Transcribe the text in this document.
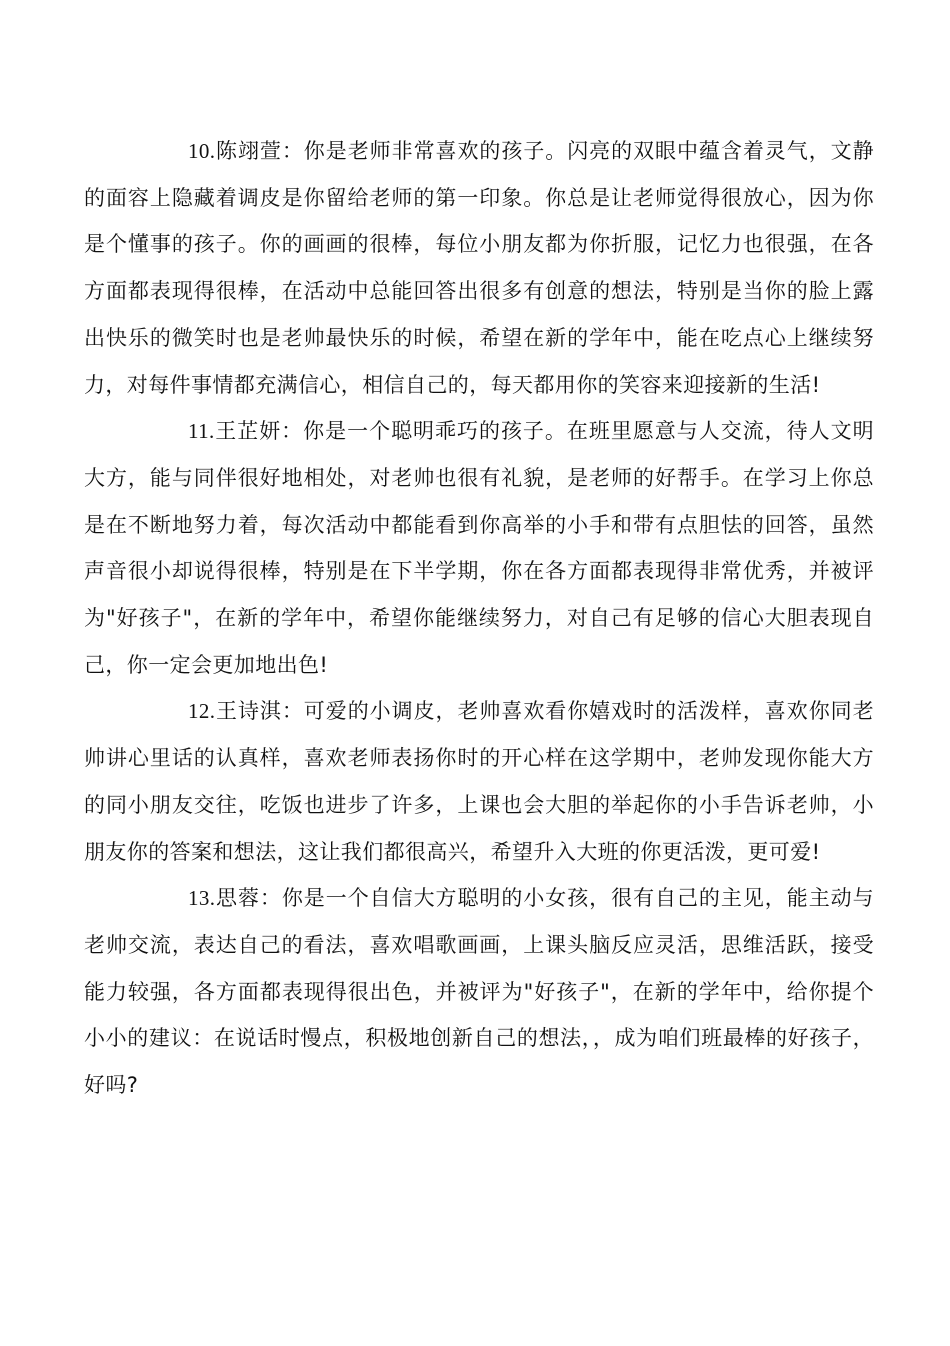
10.陈翊萱：你是老师非常喜欢的孩子。闪亮的双眼中蕴含着灵气，文静的面容上隐藏着调皮是你留给老师的第一印象。你总是让老师觉得很放心，因为你是个懂事的孩子。你的画画的很棒，每位小朋友都为你折服，记忆力也很强，在各方面都表现得很棒，在活动中总能回答出很多有创意的想法，特别是当你的脸上露出快乐的微笑时也是老帅最快乐的时候，希望在新的学年中，能在吃点心上继续努力，对每件事情都充满信心，相信自己的，每天都用你的笑容来迎接新的生活!

11.王芷妍：你是一个聪明乖巧的孩子。在班里愿意与人交流，待人文明大方，能与同伴很好地相处，对老帅也很有礼貌，是老师的好帮手。在学习上你总是在不断地努力着，每次活动中都能看到你高举的小手和带有点胆怯的回答，虽然声音很小却说得很棒，特别是在下半学期，你在各方面都表现得非常优秀，并被评为"好孩子"，在新的学年中，希望你能继续努力，对自己有足够的信心大胆表现自己，你一定会更加地出色!

12.王诗淇：可爱的小调皮，老帅喜欢看你嬉戏时的活泼样，喜欢你同老帅讲心里话的认真样，喜欢老师表扬你时的开心样在这学期中，老帅发现你能大方的同小朋友交往，吃饭也进步了许多，上课也会大胆的举起你的小手告诉老帅，小朋友你的答案和想法，这让我们都很高兴，希望升入大班的你更活泼，更可爱!

13.思蓉：你是一个自信大方聪明的小女孩，很有自己的主见，能主动与老帅交流，表达自己的看法，喜欢唱歌画画，上课头脑反应灵活，思维活跃，接受能力较强，各方面都表现得很出色，并被评为"好孩子"，在新的学年中，给你提个小小的建议：在说话时慢点，积极地创新自己的想法，，成为咱们班最棒的好孩子，好吗?
